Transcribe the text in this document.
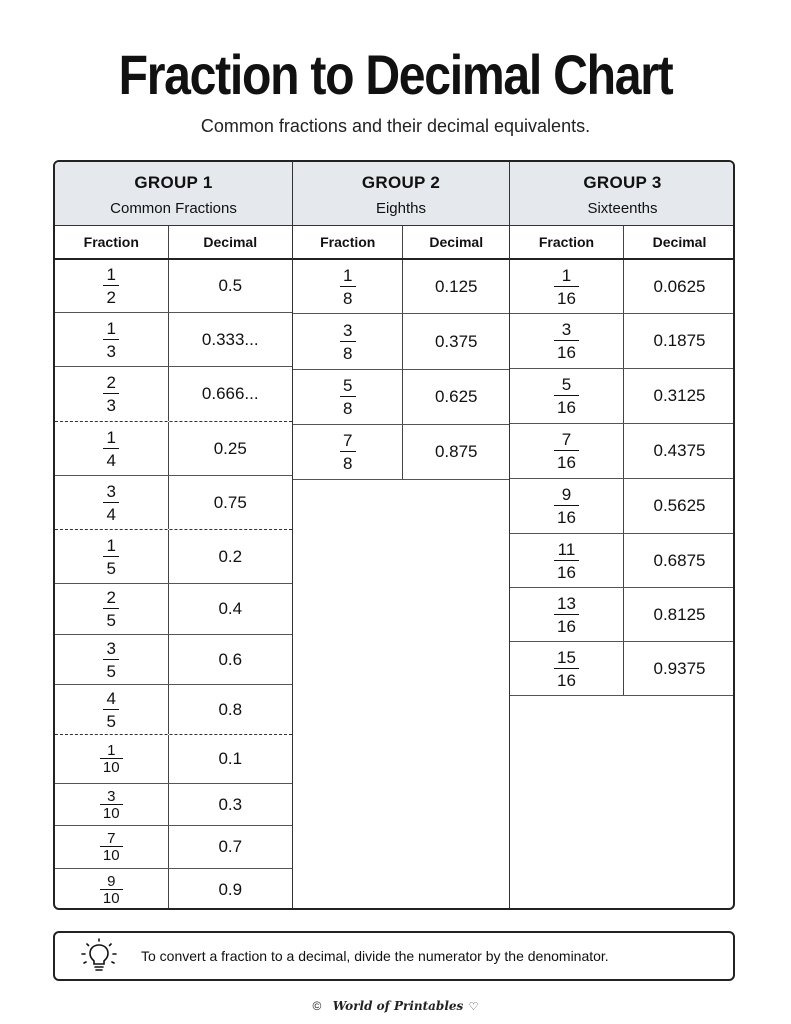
Fraction to Decimal Chart
Common fractions and their decimal equivalents.
GROUP 1
Common Fractions
Fraction	Decimal
$\frac{1}{2}$	0.5
$\frac{1}{3}$	0.333...
$\frac{2}{3}$	0.666...
$\frac{1}{4}$	0.25
$\frac{3}{4}$	0.75
$\frac{1}{5}$	0.2
$\frac{2}{5}$	0.4
$\frac{3}{5}$	0.6
$\frac{4}{5}$	0.8
$\frac{1}{10}$	0.1
$\frac{3}{10}$	0.3
$\frac{7}{10}$	0.7
$\frac{9}{10}$	0.9
GROUP 2
Eighths
Fraction	Decimal
$\frac{1}{8}$	0.125
$\frac{3}{8}$	0.375
$\frac{5}{8}$	0.625
$\frac{7}{8}$	0.875
GROUP 3
Sixteenths
Fraction	Decimal
$\frac{1}{16}$	0.0625
$\frac{3}{16}$	0.1875
$\frac{5}{16}$	0.3125
$\frac{7}{16}$	0.4375
$\frac{9}{16}$	0.5625
$\frac{11}{16}$	0.6875
$\frac{13}{16}$	0.8125
$\frac{15}{16}$	0.9375
To convert a fraction to a decimal, divide the numerator by the denominator.
© World of Printables ♡
